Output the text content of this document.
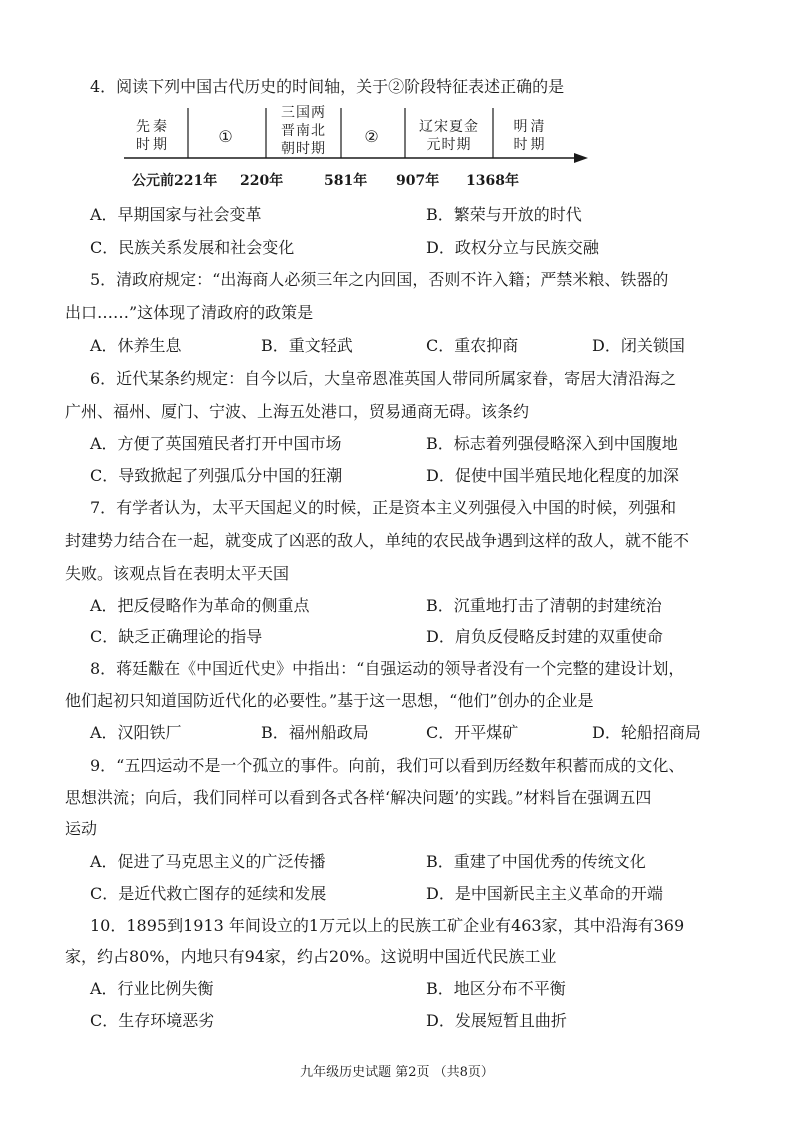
4．阅读下列中国古代历史的时间轴，关于②阶段特征表述正确的是
先秦
时期	①
三国两
晋南北
朝时期
②	辽宋夏金
元时期
明清
时期
公元前221年 220年	581年 907年 1368年
A．早期国家与社会变革	B．繁荣与开放的时代
C．民族关系发展和社会变化	D．政权分立与民族交融
5．清政府规定：“出海商人必须三年之内回国，否则不许入籍；严禁米粮、铁器的
出口……”这体现了清政府的政策是
A．休养生息	B．重文轻武	C．重农抑商	D．闭关锁国
6．近代某条约规定：自今以后，大皇帝恩准英国人带同所属家眷，寄居大清沿海之
广州、福州、厦门、宁波、上海五处港口，贸易通商无碍。该条约
A．方便了英国殖民者打开中国市场	B．标志着列强侵略深入到中国腹地
C．导致掀起了列强瓜分中国的狂潮	D．促使中国半殖民地化程度的加深
7．有学者认为，太平天国起义的时候，正是资本主义列强侵入中国的时候，列强和
封建势力结合在一起，就变成了凶恶的敌人，单纯的农民战争遇到这样的敌人，就不能不
失败。该观点旨在表明太平天国
A．把反侵略作为革命的侧重点	B．沉重地打击了清朝的封建统治
C．缺乏正确理论的指导	D．肩负反侵略反封建的双重使命
8．蒋廷黻在《中国近代史》中指出：“自强运动的领导者没有一个完整的建设计划，
他们起初只知道国防近代化的必要性。”基于这一思想，“他们”创办的企业是
A．汉阳铁厂	B．福州船政局	C．开平煤矿	D．轮船招商局
9．“五四运动不是一个孤立的事件。向前，我们可以看到历经数年积蓄而成的文化、
思想洪流；向后，我们同样可以看到各式各样‘解决问题’的实践。”材料旨在强调五四
运动
A．促进了马克思主义的广泛传播	B．重建了中国优秀的传统文化
C．是近代救亡图存的延续和发展	D．是中国新民主主义革命的开端
10．1895到1913 年间设立的1万元以上的民族工矿企业有463家，其中沿海有369
家，约占80%，内地只有94家，约占20%。这说明中国近代民族工业
A．行业比例失衡	B．地区分布不平衡
C．生存环境恶劣	D．发展短暂且曲折
九年级历史试题 第2页 （共8页）
